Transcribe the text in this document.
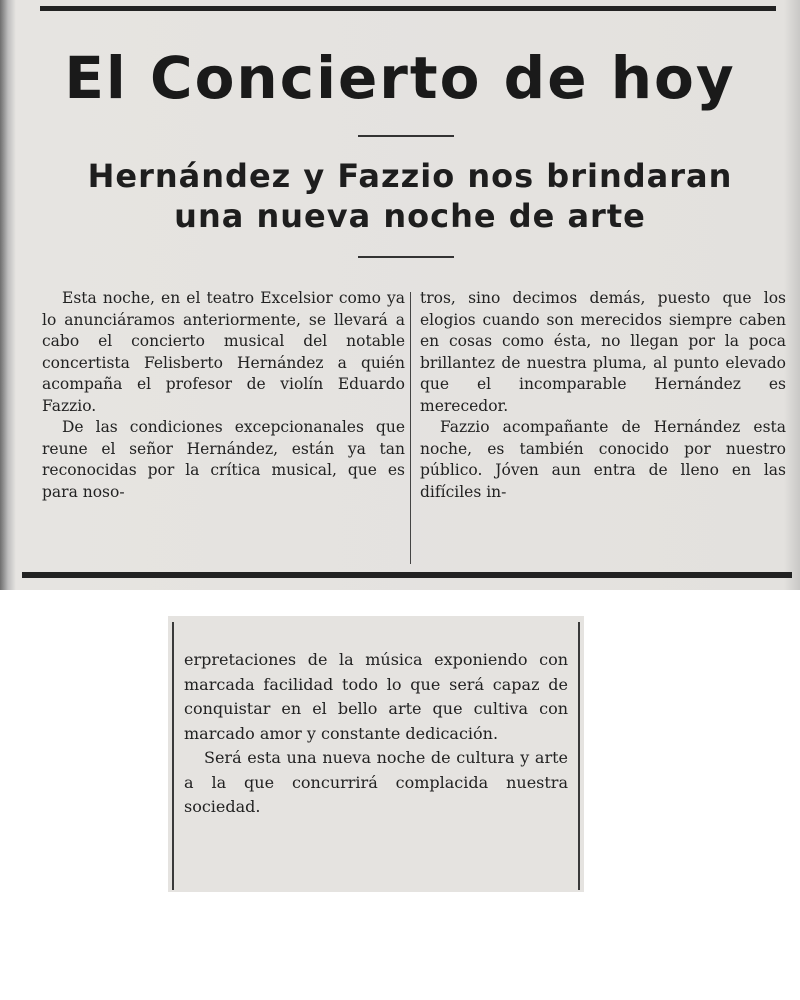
El Concierto de hoy
Hernández y Fazzio nos brindaran
una nueva noche de arte

Esta noche, en el teatro Excelsior como ya lo anunciáramos anteriormente, se llevará a cabo el concierto musical del notable concertista Felisberto Hernández a quién acompaña el profesor de violín Eduardo Fazzio.

De las condiciones excepcionanales que reune el señor Hernández, están ya tan reconocidas por la crítica musical, que es para noso-

tros, sino decimos demás, puesto que los elogios cuando son merecidos siempre caben en cosas como ésta, no llegan por la poca brillantez de nuestra pluma, al punto elevado que el incomparable Hernández es merecedor.

Fazzio acompañante de Hernández esta noche, es también conocido por nuestro público. Jóven aun entra de lleno en las difíciles in-

erpretaciones de la música exponiendo con marcada facilidad todo lo que será capaz de conquistar en el bello arte que cultiva con marcado amor y constante dedicación.

Será esta una nueva noche de cultura y arte a la que concurrirá complacida nuestra sociedad.
